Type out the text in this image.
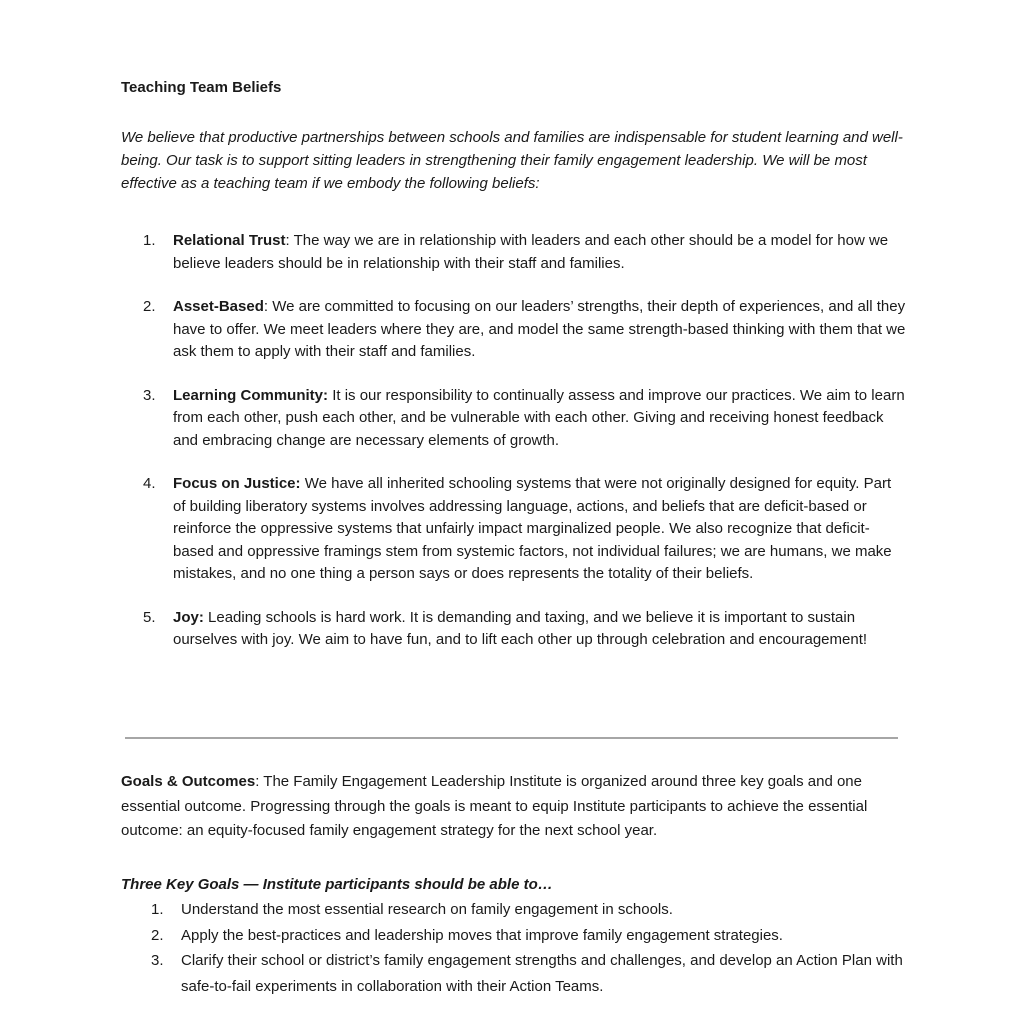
Teaching Team Beliefs
We believe that productive partnerships between schools and families are indispensable for student learning and well-being. Our task is to support sitting leaders in strengthening their family engagement leadership. We will be most effective as a teaching team if we embody the following beliefs:
1. Relational Trust: The way we are in relationship with leaders and each other should be a model for how we believe leaders should be in relationship with their staff and families.
2. Asset-Based: We are committed to focusing on our leaders’ strengths, their depth of experiences, and all they have to offer. We meet leaders where they are, and model the same strength-based thinking with them that we ask them to apply with their staff and families.
3. Learning Community: It is our responsibility to continually assess and improve our practices. We aim to learn from each other, push each other, and be vulnerable with each other. Giving and receiving honest feedback and embracing change are necessary elements of growth.
4. Focus on Justice: We have all inherited schooling systems that were not originally designed for equity. Part of building liberatory systems involves addressing language, actions, and beliefs that are deficit-based or reinforce the oppressive systems that unfairly impact marginalized people. We also recognize that deficit-based and oppressive framings stem from systemic factors, not individual failures; we are humans, we make mistakes, and no one thing a person says or does represents the totality of their beliefs.
5. Joy: Leading schools is hard work. It is demanding and taxing, and we believe it is important to sustain ourselves with joy. We aim to have fun, and to lift each other up through celebration and encouragement!
Goals & Outcomes: The Family Engagement Leadership Institute is organized around three key goals and one essential outcome. Progressing through the goals is meant to equip Institute participants to achieve the essential outcome: an equity-focused family engagement strategy for the next school year.
Three Key Goals — Institute participants should be able to…
1. Understand the most essential research on family engagement in schools.
2. Apply the best-practices and leadership moves that improve family engagement strategies.
3. Clarify their school or district’s family engagement strengths and challenges, and develop an Action Plan with safe-to-fail experiments in collaboration with their Action Teams.
